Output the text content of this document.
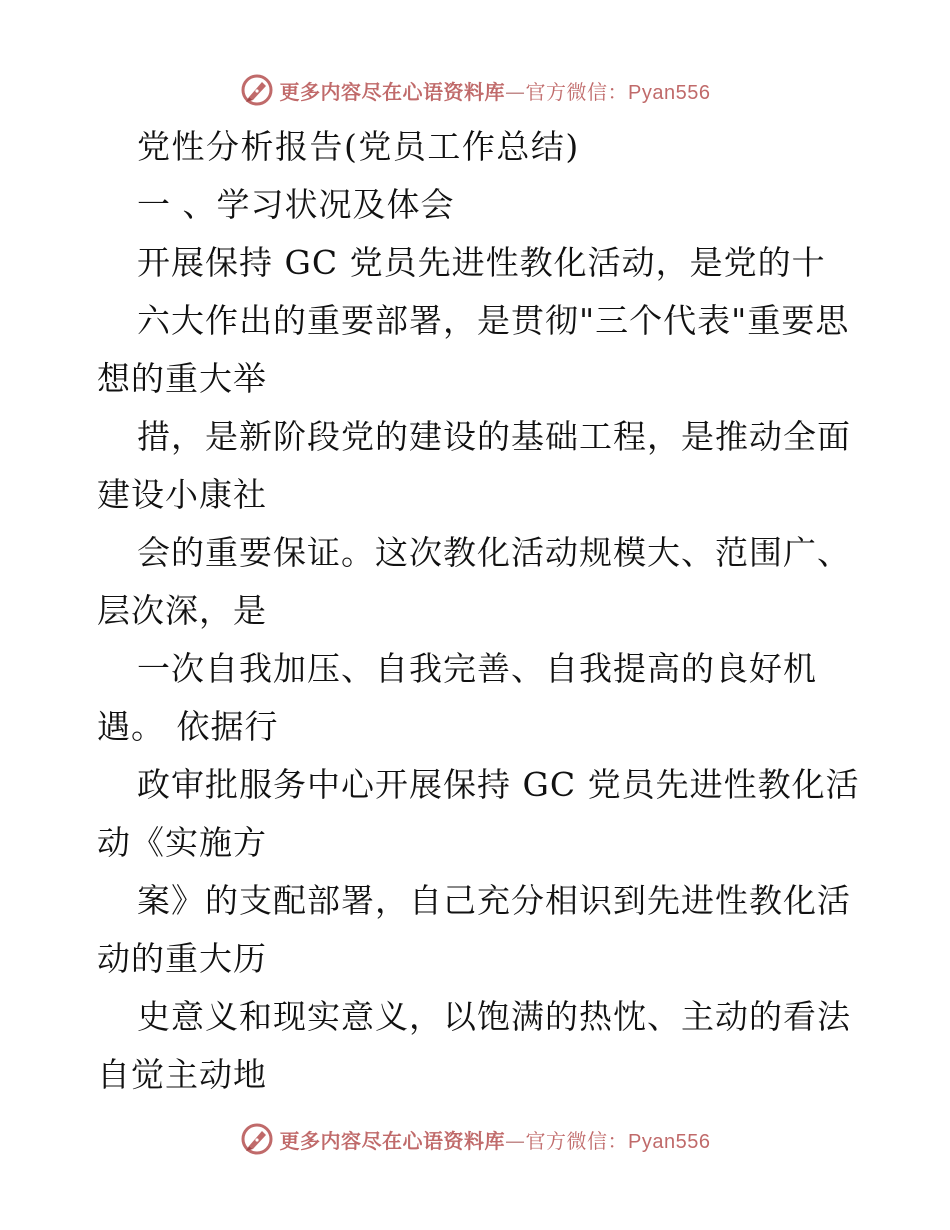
更多内容尽在心语资料库—官方微信：Pyan556
党性分析报告(党员工作总结)
一 、学习状况及体会
开展保持 GC 党员先进性教化活动，是党的十
六大作出的重要部署，是贯彻"三个代表"重要思
想的重大举
措，是新阶段党的建设的基础工程，是推动全面
建设小康社
会的重要保证。这次教化活动规模大、范围广、
层次深，是
一次自我加压、自我完善、自我提高的良好机
遇。 依据行
政审批服务中心开展保持 GC 党员先进性教化活
动《实施方
案》的支配部署，自己充分相识到先进性教化活
动的重大历
史意义和现实意义，以饱满的热忱、主动的看法
自觉主动地
更多内容尽在心语资料库—官方微信：Pyan556
